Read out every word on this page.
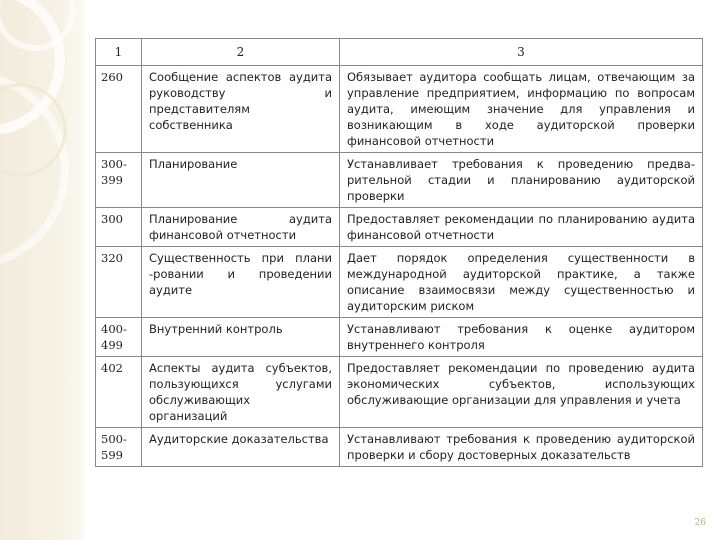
1	2	3
260	Сообщение аспектов аудита руководству и представителям собственника	Обязывает аудитора сообщать лицам, отвечающим за управление предприятием, информацию по вопросам аудита, имеющим значение для управления и возникающим в ходе аудиторской проверки финансовой отчетности
300-399	Планирование	Устанавливает требования к проведению предва-рительной стадии и планированию аудиторской проверки
300	Планирование аудита финансовой отчетности	Предоставляет рекомендации по планированию аудита финансовой отчетности
320	Существенность при плани -ровании и проведении аудите	Дает порядок определения существенности в международной аудиторской практике, а также описание взаимосвязи между существенностью и аудиторским риском
400-499	Внутренний контроль	Устанавливают требования к оценке аудитором внутреннего контроля
402	Аспекты аудита субъектов, пользующихся услугами обслуживающих организаций	Предоставляет рекомендации по проведению аудита экономических субъектов, использующих обслуживающие организации для управления и учета
500-599	Аудиторские доказательства	Устанавливают требования к проведению аудиторской проверки и сбору достоверных доказательств
26
